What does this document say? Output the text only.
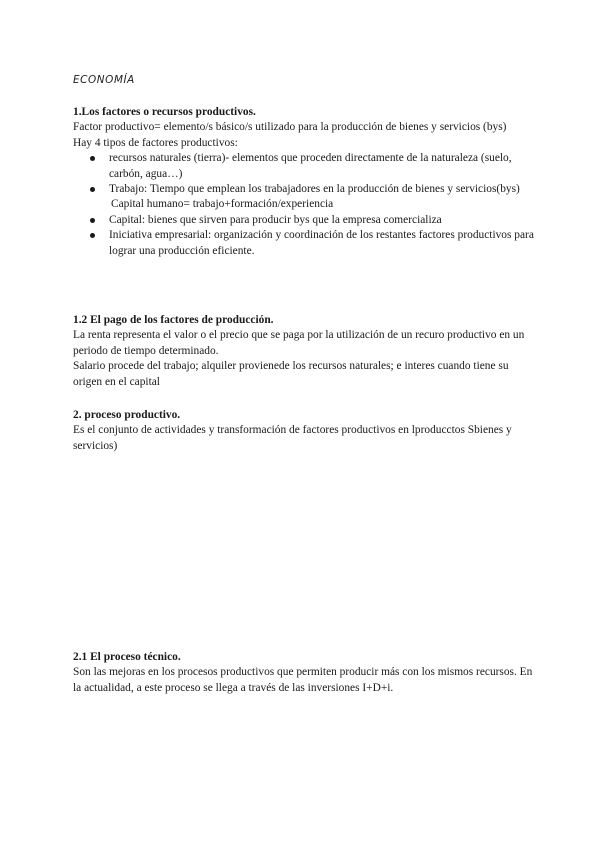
ECONOMÍA

1.Los factores o recursos productivos.

Factor productivo= elemento/s básico/s utilizado para la producción de bienes y servicios (bys)

Hay 4 tipos de factores productivos:

recursos naturales (tierra)- elementos que proceden directamente de la naturaleza (suelo, carbón, agua…)
Trabajo: Tiempo que emplean los trabajadores en la producción de bienes y servicios(bys)
Capital humano= trabajo+formación/experiencia
Capital: bienes que sirven para producir bys que la empresa comercializa
Iniciativa empresarial: organización y coordinación de los restantes factores productivos para lograr una producción eficiente.

1.2 El pago de los factores de producción.

La renta representa el valor o el precio que se paga por la utilización de un recuro productivo en un periodo de tiempo determinado.

Salario procede del trabajo; alquiler provienede los recursos naturales; e interes cuando tiene su origen en el capital

2. proceso productivo.

Es el conjunto de actividades y transformación de factores productivos en lproducctos Sbienes y servicios)

2.1 El proceso técnico.

Son las mejoras en los procesos productivos que permiten producir más con los mismos recursos. En la actualidad, a este proceso se llega a través de las inversiones I+D+i.
